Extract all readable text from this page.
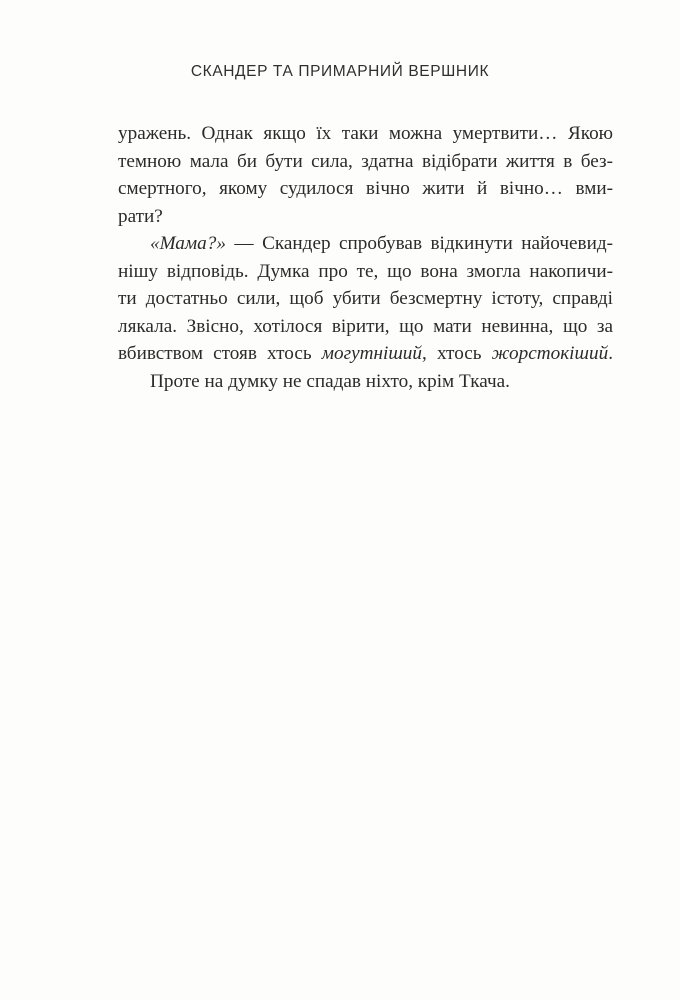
СКАНДЕР ТА ПРИМАРНИЙ ВЕРШНИК
уражень. Однак якщо їх таки можна умертвити… Якою
темною мала би бути сила, здатна відібрати життя в без-
смертного, якому судилося вічно жити й вічно… вми-
рати?
«Мама?» — Скандер спробував відкинути найочевид-
нішу відповідь. Думка про те, що вона змогла накопичи-
ти достатньо сили, щоб убити безсмертну істоту, справді
лякала. Звісно, хотілося вірити, що мати невинна, що за
вбивством стояв хтось могутніший, хтось жорстокіший.
Проте на думку не спадав ніхто, крім Ткача.
